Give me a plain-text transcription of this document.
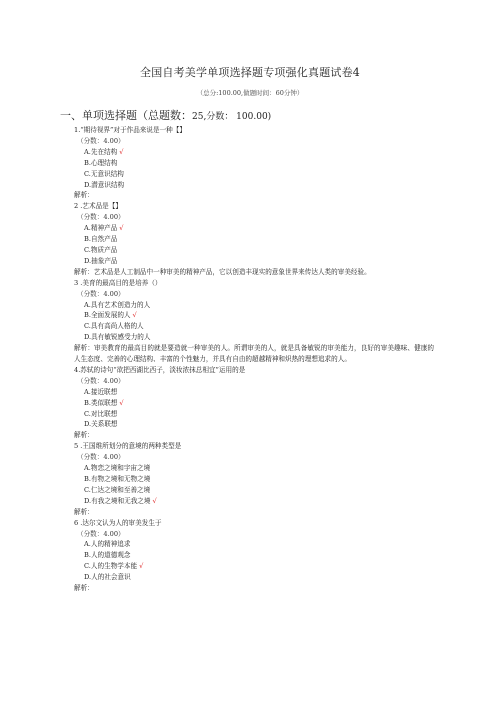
全国自考美学单项选择题专项强化真题试卷4
（总分:100.00,做题时间：60分钟）
一、单项选择题（总题数：25,分数： 100.00)

1.“期待视界”对于作品来说是一种【】

（分数：4.00）

A.先在结构 √

B.心理结构

C.无意识结构

D.潜意识结构

解析：

2 .艺术品是【】

（分数：4.00）

A.精神产品 √

B.自然产品

C.物质产品

D.抽象产品

解析：艺术品是人工制品中一种审美的精神产品，它以创造丰现实的意象世界来传达人类的审美经验。

3 .美育的最高目的是培养（）

（分数：4.00）

A.具有艺术创造力的人

B.全面发展的人 √

C.具有高尚人格的人

D.具有敏锐感受力的人

解析：审美教育的最高目的就是要造就一种审美的人。所谓审美的人，就是具备敏锐的审美能力，良好的审美趣味、健康的人生态度、完善的心理结构、丰富的个性魅力，并具有自由的超越精神和炽热的理想追求的人。

4.苏轼的诗句“欲把西湖比西子，淡妆浓抹总相宜”运用的是

（分数：4.00）

A.接近联想

B.类似联想 √

C.对比联想

D.关系联想

解析：

5 .王国维所划分的意境的两种类型是

（分数：4.00）

A.物恋之境和宇宙之境

B.有物之境和无物之境

C.仁达之境和至善之境

D.有我之境和无我之境 √

解析：

6 .达尔文认为人的审美发生于

（分数：4.00）

A.人的精神追求

B.人的道德观念

C.人的生物学本能 √

D.人的社会意识

解析：
